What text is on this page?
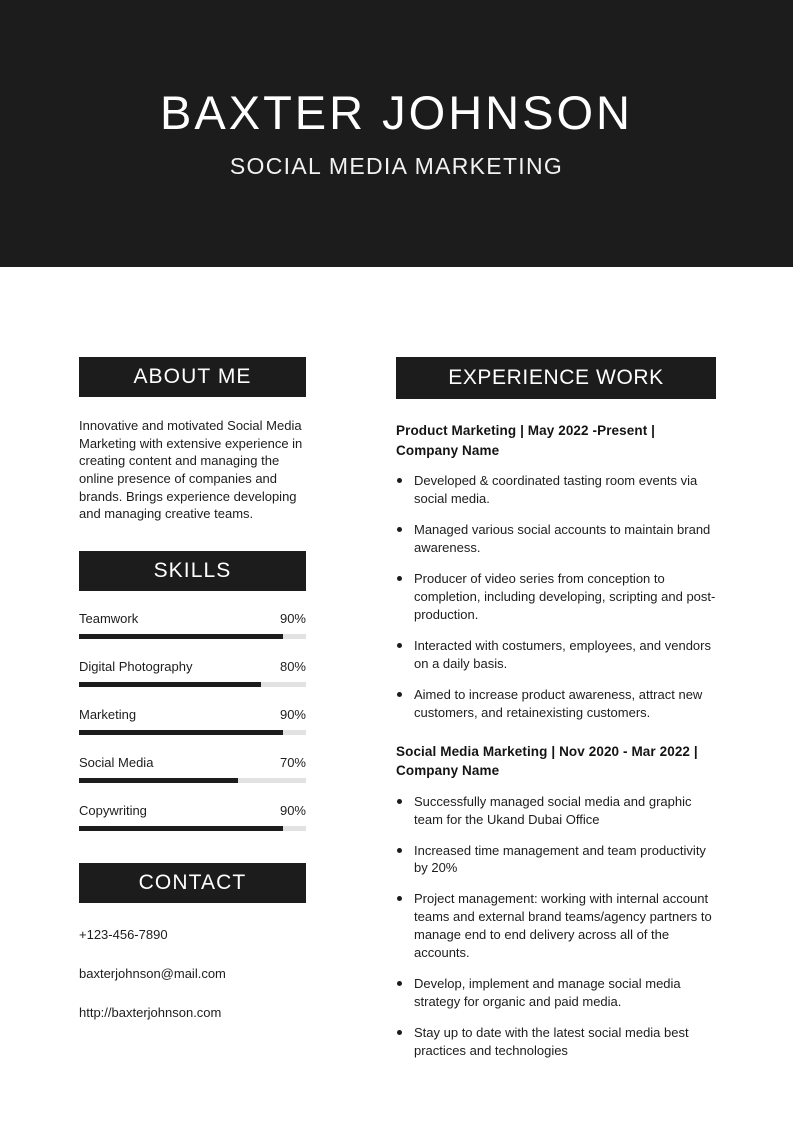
BAXTER JOHNSON
SOCIAL MEDIA MARKETING
ABOUT ME
Innovative and motivated Social Media Marketing with extensive experience in creating content and managing the online presence of companies and brands. Brings experience developing and managing creative teams.
SKILLS
Teamwork	90%
Digital Photography	80%
Marketing	90%
Social Media	70%
Copywriting	90%
CONTACT
+123-456-7890
baxterjohnson@mail.com
http://baxterjohnson.com
EXPERIENCE WORK
Product Marketing | May 2022 -Present | Company Name
Developed & coordinated tasting room events via social media.
Managed various social accounts to maintain brand awareness.
Producer of video series from conception to completion, including developing, scripting and post-production.
Interacted with costumers, employees, and vendors on a daily basis.
Aimed to increase product awareness, attract new customers, and retainexisting customers.
Social Media Marketing | Nov 2020 - Mar 2022 | Company Name
Successfully managed social media and graphic team for the Ukand Dubai Office
Increased time management and team productivity by 20%
Project management: working with internal account teams and external brand teams/agency partners to manage end to end delivery across all of the accounts.
Develop, implement and manage social media strategy for organic and paid media.
Stay up to date with the latest social media best practices and technologies
